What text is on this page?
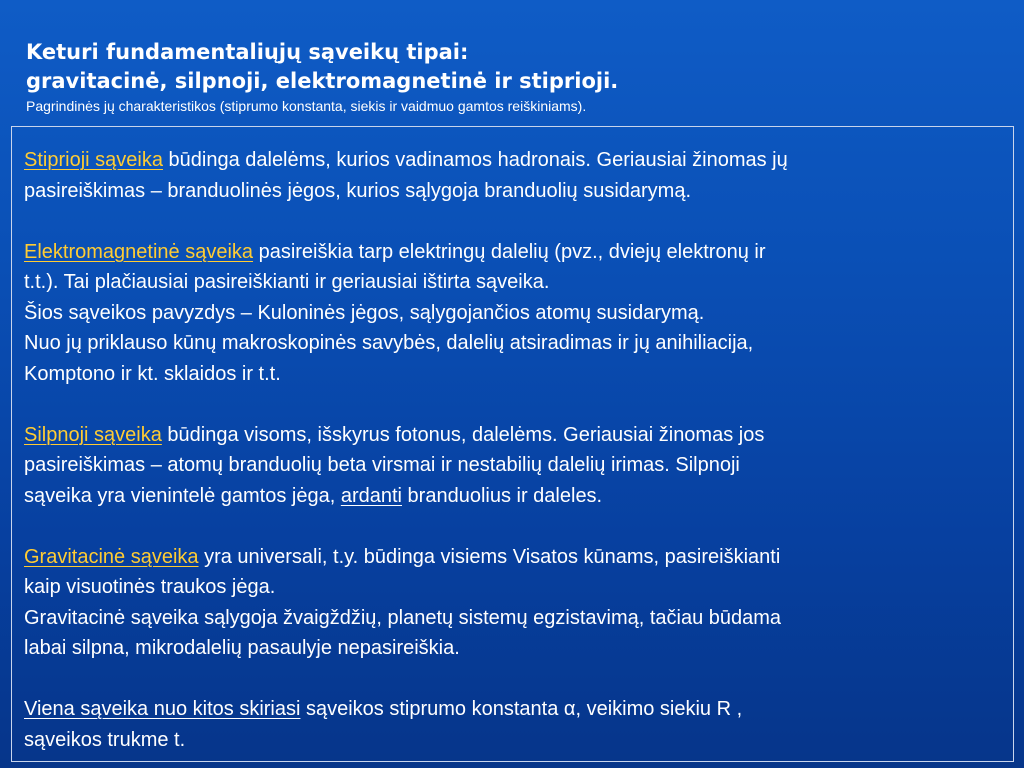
Keturi fundamentaliųjų sąveikų tipai:
gravitacinė, silpnoji, elektromagnetinė ir stiprioji.
Pagrindinės jų charakteristikos (stiprumo konstanta, siekis ir vaidmuo gamtos reiškiniams).

Stiprioji sąveika būdinga dalelėms, kurios vadinamos hadronais. Geriausiai žinomas jų
pasireiškimas – branduolinės jėgos, kurios sąlygoja branduolių susidarymą.

Elektromagnetinė sąveika pasireiškia tarp elektringų dalelių (pvz., dviejų elektronų ir
t.t.). Tai plačiausiai pasireiškianti ir geriausiai ištirta sąveika.
Šios sąveikos pavyzdys – Kuloninės jėgos, sąlygojančios atomų susidarymą.
Nuo jų priklauso kūnų makroskopinės savybės, dalelių atsiradimas ir jų anihiliacija,
Komptono ir kt. sklaidos ir t.t.

Silpnoji sąveika būdinga visoms, išskyrus fotonus, dalelėms. Geriausiai žinomas jos
pasireiškimas – atomų branduolių beta virsmai ir nestabilių dalelių irimas. Silpnoji
sąveika yra vienintelė gamtos jėga, ardanti branduolius ir daleles.

Gravitacinė sąveika yra universali, t.y. būdinga visiems Visatos kūnams, pasireiškianti
kaip visuotinės traukos jėga.
Gravitacinė sąveika sąlygoja žvaigždžių, planetų sistemų egzistavimą, tačiau būdama
labai silpna, mikrodalelių pasaulyje nepasireiškia.

Viena sąveika nuo kitos skiriasi sąveikos stiprumo konstanta α, veikimo siekiu R ,
sąveikos trukme t.
